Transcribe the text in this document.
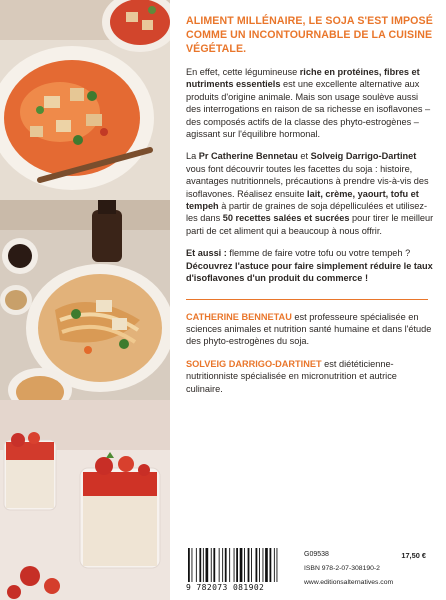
ALIMENT MILLÉNAIRE, LE SOJA S'EST IMPOSÉ COMME UN INCONTOURNABLE DE LA CUISINE VÉGÉTALE.

En effet, cette légumineuse riche en protéines, fibres et nutriments essentiels est une excellente alternative aux produits d'origine animale. Mais son usage soulève aussi des interrogations en raison de sa richesse en isoflavones – des composés actifs de la classe des phyto-estrogènes – agissant sur l'équilibre hormonal.

La Pr Catherine Bennetau et Solveig Darrigo-Dartinet vous font découvrir toutes les facettes du soja : histoire, avantages nutritionnels, précautions à prendre vis-à-vis des isoflavones. Réalisez ensuite lait, crème, yaourt, tofu et tempeh à partir de graines de soja dépelliculées et utilisez-les dans 50 recettes salées et sucrées pour tirer le meilleur parti de cet aliment qui a beaucoup à nous offrir.

Et aussi : flemme de faire votre tofu ou votre tempeh ? Découvrez l'astuce pour faire simplement réduire le taux d'isoflavones d'un produit du commerce !

CATHERINE BENNETAU est professeure spécialisée en sciences animales et nutrition santé humaine et dans l'étude des phyto-estrogènes du soja.

SOLVEIG DARRIGO-DARTINET est diététicienne-nutritionniste spécialisée en micronutrition et autrice culinaire.

9 782073 081902
G09538	17,50 €
ISBN 978-2-07-308190-2
www.editionsalternatives.com
